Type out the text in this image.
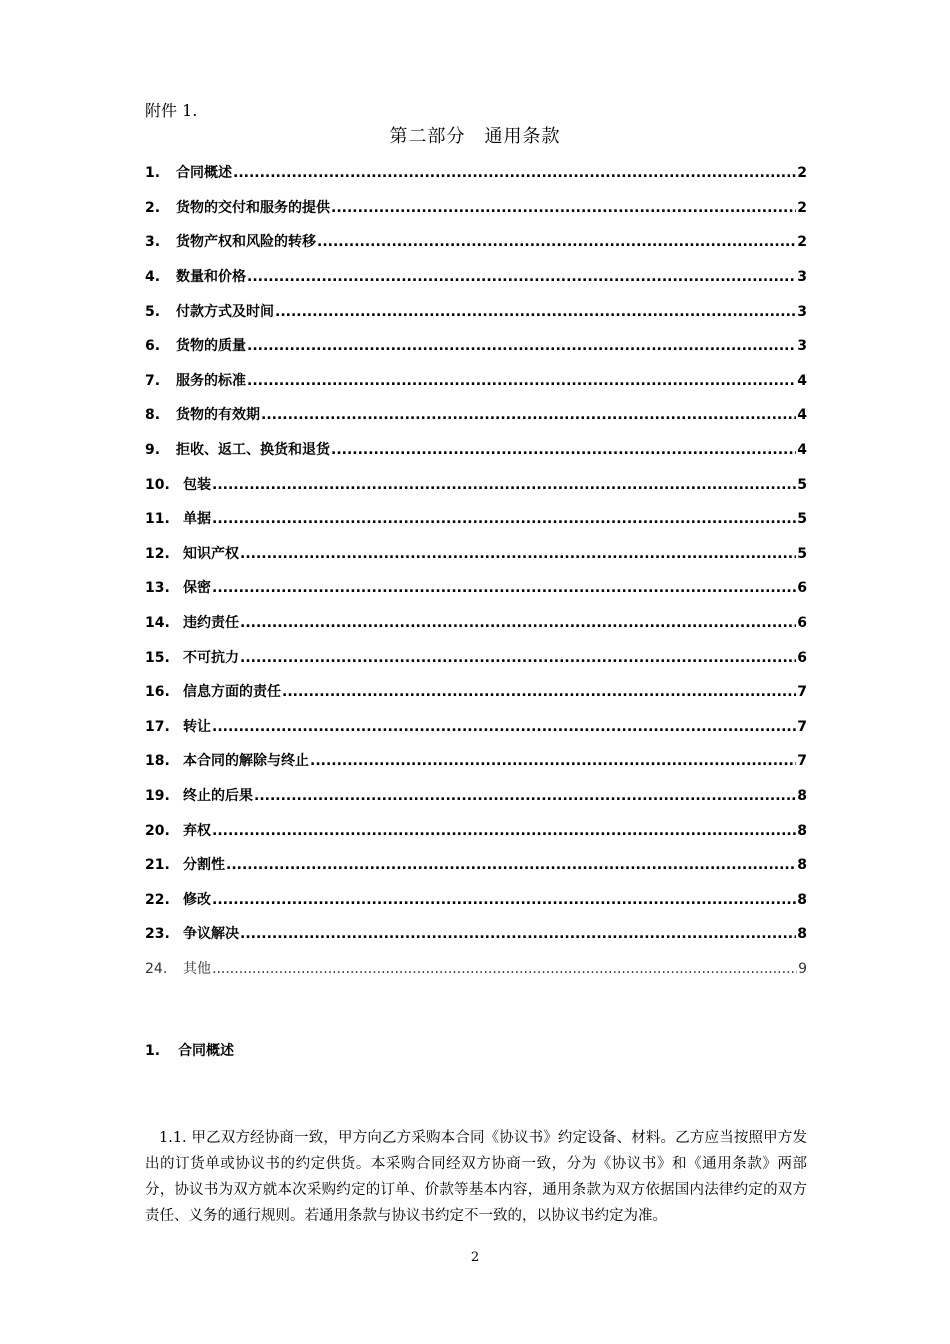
附件 1.
第二部分　通用条款
1.	合同概述 .....	2
2.	货物的交付和服务的提供 .....	2
3.	货物产权和风险的转移 .....	2
4.	数量和价格 .....	3
5.	付款方式及时间 .....	3
6.	货物的质量 .....	3
7.	服务的标准 .....	4
8.	货物的有效期 .....	4
9.	拒收、返工、换货和退货 .....	4
10. 包装 .....	5
11. 单据 .....	5
12. 知识产权 .....	5
13. 保密 .....	6
14. 违约责任 .....	6
15. 不可抗力 .....	6
16. 信息方面的责任 .....	7
17. 转让 .....	7
18. 本合同的解除与终止 .....	7
19. 终止的后果 .....	8
20. 弃权 .....	8
21. 分割性 .....	8
22. 修改 .....	8
23. 争议解决 .....	8
24.	其他 .....	9
1. 合同概述

1.1. 甲乙双方经协商一致，甲方向乙方采购本合同《协议书》约定设备、材料。乙方应当按照甲方发出的订货单或协议书的约定供货。本采购合同经双方协商一致，分为《协议书》和《通用条款》两部分，协议书为双方就本次采购约定的订单、价款等基本内容，通用条款为双方依据国内法律约定的双方责任、义务的通行规则。若通用条款与协议书约定不一致的，以协议书约定为准。

2
